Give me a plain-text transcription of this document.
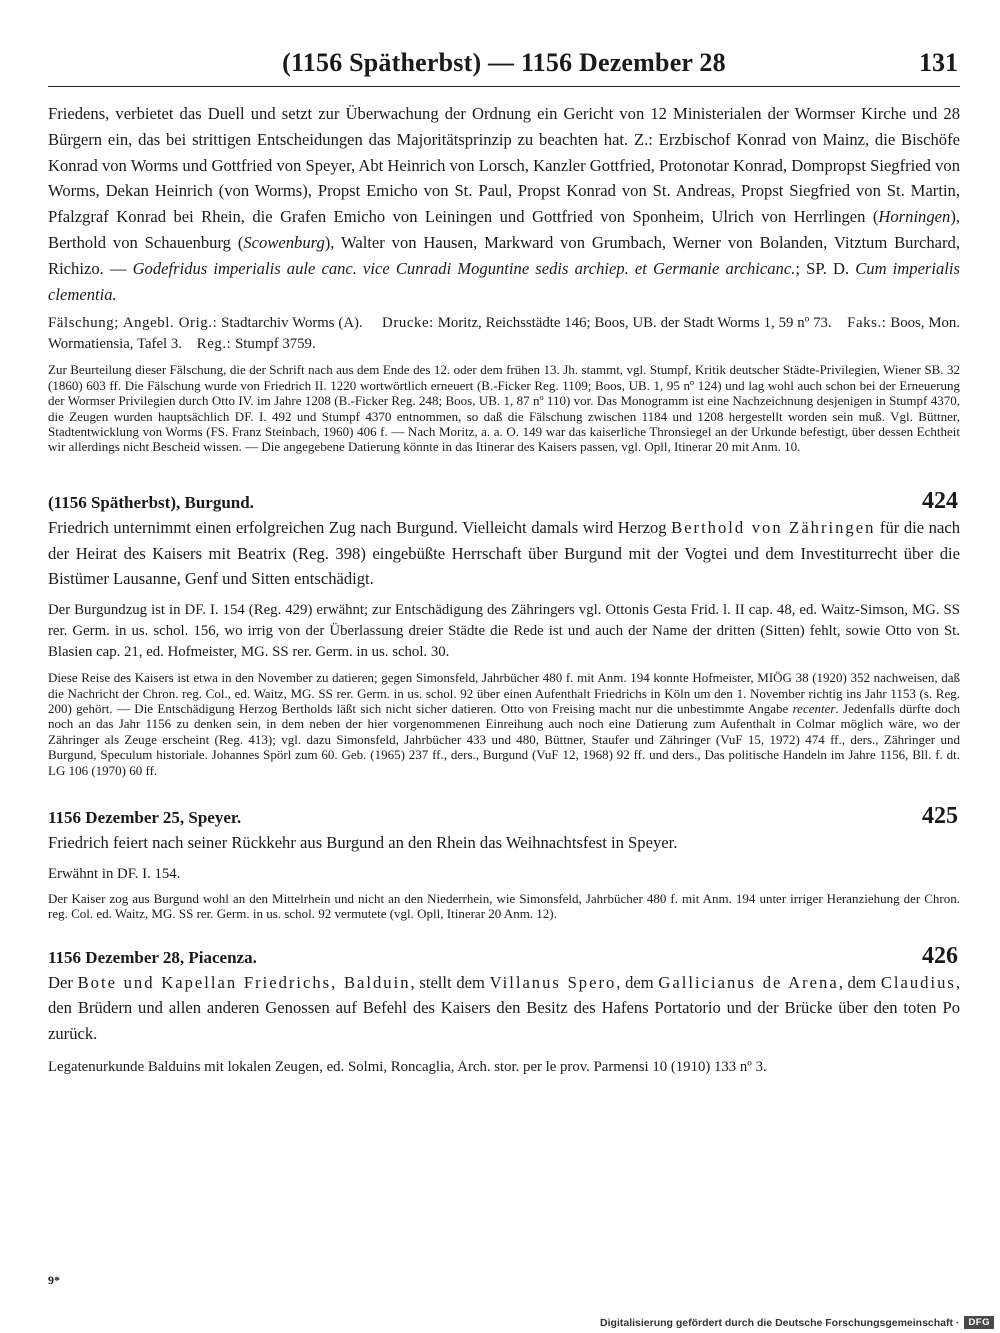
(1156 Spätherbst) — 1156 Dezember 28	131

Friedens, verbietet das Duell und setzt zur Überwachung der Ordnung ein Gericht von 12 Ministerialen der Wormser Kirche und 28 Bürgern ein, das bei strittigen Entscheidungen das Majoritätsprinzip zu beachten hat. Z.: Erzbischof Konrad von Mainz, die Bischöfe Konrad von Worms und Gottfried von Speyer, Abt Heinrich von Lorsch, Kanzler Gottfried, Protonotar Konrad, Dompropst Siegfried von Worms, Dekan Heinrich (von Worms), Propst Emicho von St. Paul, Propst Konrad von St. Andreas, Propst Siegfried von St. Martin, Pfalzgraf Konrad bei Rhein, die Grafen Emicho von Leiningen und Gottfried von Sponheim, Ulrich von Herrlingen (Horningen), Berthold von Schauenburg (Scowenburg), Walter von Hausen, Markward von Grumbach, Werner von Bolanden, Vitztum Burchard, Richizo. — Godefridus imperialis aule canc. vice Cunradi Moguntine sedis archiep. et Germanie archicanc.; SP. D. Cum imperialis clementia.

Fälschung; Angebl. Orig.: Stadtarchiv Worms (A). Drucke: Moritz, Reichsstädte 146; Boos, UB. der Stadt Worms 1, 59 nº 73. Faks.: Boos, Mon. Wormatiensia, Tafel 3. Reg.: Stumpf 3759.

Zur Beurteilung dieser Fälschung, die der Schrift nach aus dem Ende des 12. oder dem frühen 13. Jh. stammt, vgl. Stumpf, Kritik deutscher Städte-Privilegien, Wiener SB. 32 (1860) 603 ff. Die Fälschung wurde von Friedrich II. 1220 wortwörtlich erneuert (B.-Ficker Reg. 1109; Boos, UB. 1, 95 nº 124) und lag wohl auch schon bei der Erneuerung der Wormser Privilegien durch Otto IV. im Jahre 1208 (B.-Ficker Reg. 248; Boos, UB. 1, 87 nº 110) vor. Das Monogramm ist eine Nachzeichnung desjenigen in Stumpf 4370, die Zeugen wurden hauptsächlich DF. I. 492 und Stumpf 4370 entnommen, so daß die Fälschung zwischen 1184 und 1208 hergestellt worden sein muß. Vgl. Büttner, Stadtentwicklung von Worms (FS. Franz Steinbach, 1960) 406 f. — Nach Moritz, a. a. O. 149 war das kaiserliche Thronsiegel an der Urkunde befestigt, über dessen Echtheit wir allerdings nicht Bescheid wissen. — Die angegebene Datierung könnte in das Itinerar des Kaisers passen, vgl. Opll, Itinerar 20 mit Anm. 10.

(1156 Spätherbst), Burgund.	424

Friedrich unternimmt einen erfolgreichen Zug nach Burgund. Vielleicht damals wird Herzog Berthold von Zähringen für die nach der Heirat des Kaisers mit Beatrix (Reg. 398) eingebüßte Herrschaft über Burgund mit der Vogtei und dem Investiturrecht über die Bistümer Lausanne, Genf und Sitten entschädigt.

Der Burgundzug ist in DF. I. 154 (Reg. 429) erwähnt; zur Entschädigung des Zähringers vgl. Ottonis Gesta Frid. l. II cap. 48, ed. Waitz-Simson, MG. SS rer. Germ. in us. schol. 156, wo irrig von der Überlassung dreier Städte die Rede ist und auch der Name der dritten (Sitten) fehlt, sowie Otto von St. Blasien cap. 21, ed. Hofmeister, MG. SS rer. Germ. in us. schol. 30.

Diese Reise des Kaisers ist etwa in den November zu datieren; gegen Simonsfeld, Jahrbücher 480 f. mit Anm. 194 konnte Hofmeister, MIÖG 38 (1920) 352 nachweisen, daß die Nachricht der Chron. reg. Col., ed. Waitz, MG. SS rer. Germ. in us. schol. 92 über einen Aufenthalt Friedrichs in Köln um den 1. November richtig ins Jahr 1153 (s. Reg. 200) gehört. — Die Entschädigung Herzog Bertholds läßt sich nicht sicher datieren. Otto von Freising macht nur die unbestimmte Angabe recenter. Jedenfalls dürfte doch noch an das Jahr 1156 zu denken sein, in dem neben der hier vorgenommenen Einreihung auch noch eine Datierung zum Aufenthalt in Colmar möglich wäre, wo der Zähringer als Zeuge erscheint (Reg. 413); vgl. dazu Simonsfeld, Jahrbücher 433 und 480, Büttner, Staufer und Zähringer (VuF 15, 1972) 474 ff., ders., Zähringer und Burgund, Speculum historiale. Johannes Spörl zum 60. Geb. (1965) 237 ff., ders., Burgund (VuF 12, 1968) 92 ff. und ders., Das politische Handeln im Jahre 1156, Bll. f. dt. LG 106 (1970) 60 ff.

1156 Dezember 25, Speyer.	425

Friedrich feiert nach seiner Rückkehr aus Burgund an den Rhein das Weihnachtsfest in Speyer.

Erwähnt in DF. I. 154.

Der Kaiser zog aus Burgund wohl an den Mittelrhein und nicht an den Niederrhein, wie Simonsfeld, Jahrbücher 480 f. mit Anm. 194 unter irriger Heranziehung der Chron. reg. Col. ed. Waitz, MG. SS rer. Germ. in us. schol. 92 vermutete (vgl. Opll, Itinerar 20 Anm. 12).

1156 Dezember 28, Piacenza.	426

Der Bote und Kapellan Friedrichs, Balduin, stellt dem Villanus Spero, dem Gallicianus de Arena, dem Claudius, den Brüdern und allen anderen Genossen auf Befehl des Kaisers den Besitz des Hafens Portatorio und der Brücke über den toten Po zurück.

Legatenurkunde Balduins mit lokalen Zeugen, ed. Solmi, Roncaglia, Arch. stor. per le prov. Parmensi 10 (1910) 133 nº 3.

9*
Digitalisierung gefördert durch die Deutsche Forschungsgemeinschaft · DFG
